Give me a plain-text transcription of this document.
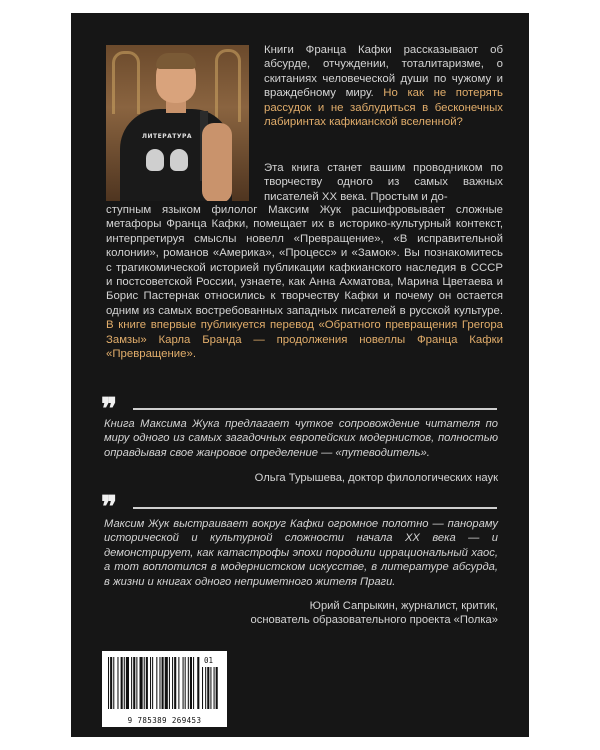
ЛИТЕРАТУРА
Книги Франца Кафки рассказывают об абсурде, отчуждении, тоталитаризме, о скитаниях человеческой души по чужому и враждебному миру. Но как не потерять рассудок и не заблудиться в бесконечных лабиринтах кафкианской вселенной?

Эта книга станет вашим проводником по творчеству одного из самых важных писателей XX века. Простым и до-

ступным языком филолог Максим Жук расшифровывает сложные метафоры Франца Кафки, помещает их в историко-культурный контекст, интерпретируя смыслы новелл «Превращение», «В исправительной колонии», романов «Америка», «Процесс» и «Замок». Вы познакомитесь с трагикомической историей публикации кафкианского наследия в СССР и постсоветской России, узнаете, как Анна Ахматова, Марина Цветаева и Борис Пастернак относились к творчеству Кафки и почему он остается одним из самых востребованных западных писателей в русской культуре. В книге впервые публикуется перевод «Обратного превращения Грегора Замзы» Карла Бранда — продолжения новеллы Франца Кафки «Превращение».

❞
Книга Максима Жука предлагает чуткое сопровождение читателя по миру одного из самых загадочных европейских модернистов, полностью оправдывая свое жанровое определение — «путеводитель».
Ольга Турышева, доктор филологических наук
❞
Максим Жук выстраивает вокруг Кафки огромное полотно — панораму исторической и культурной сложности начала XX века — и демонстрирует, как катастрофы эпохи породили иррациональный хаос, а тот воплотился в модернистском искусстве, в литературе абсурда, в жизни и книгах одного неприметного жителя Праги.
Юрий Сапрыкин, журналист, критик,
основатель образовательного проекта «Полка»
01
9 785389 269453
